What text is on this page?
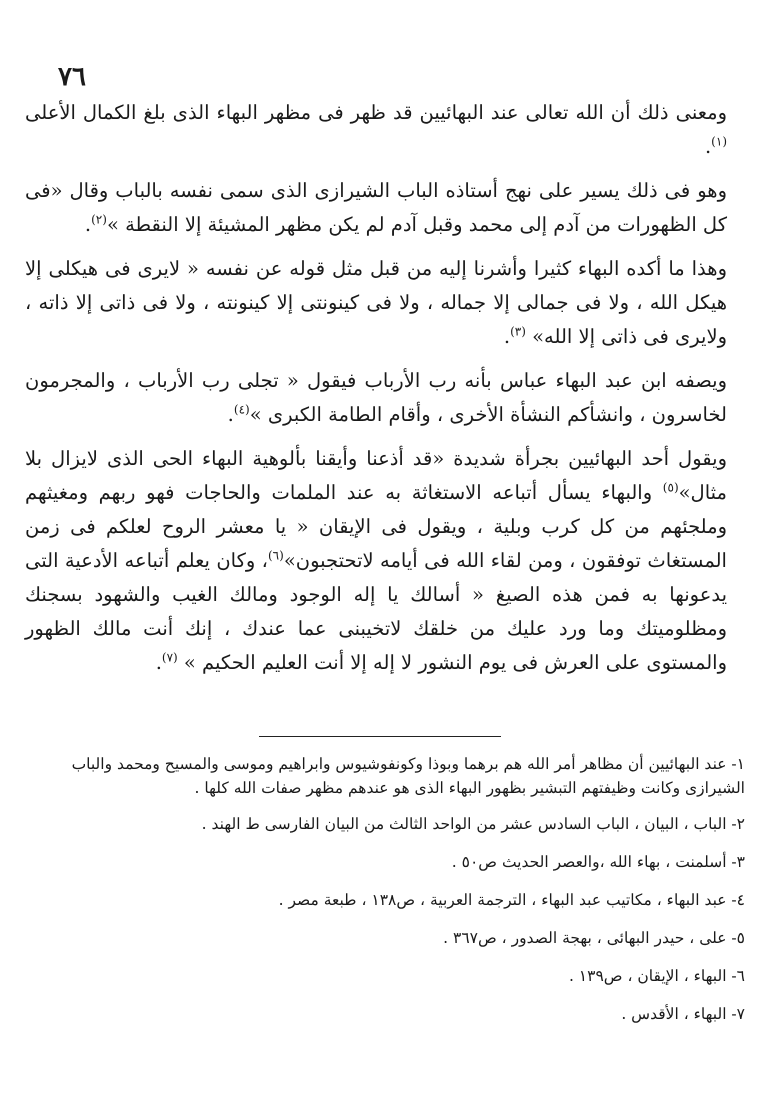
٧٦

ومعنى ذلك أن الله تعالى عند البهائيين قد ظهر فى مظهر البهاء الذى بلغ الكمال الأعلى $^{(١)}$.

وهو فى ذلك يسير على نهج أستاذه الباب الشيرازى الذى سمى نفسه بالباب وقال «فى كل الظهورات من آدم إلى محمد وقبل آدم لم يكن مظهر المشيئة إلا النقطة »$^{(٢)}$.

وهذا ما أكده البهاء كثيرا وأشرنا إليه من قبل مثل قوله عن نفسه « لايرى فى هيكلى إلا هيكل الله ، ولا فى جمالى إلا جماله ، ولا فى كينونتى إلا كينونته ، ولا فى ذاتى إلا ذاته ، ولايرى فى ذاتى إلا الله» $^{(٣)}$.

ويصفه ابن عبد البهاء عباس بأنه رب الأرباب فيقول « تجلى رب الأرباب ، والمجرمون لخاسرون ، وانشأكم النشأة الأخرى ، وأقام الطامة الكبرى »$^{(٤)}$.

ويقول أحد البهائيين بجرأة شديدة «قد أذعنا وأيقنا بألوهية البهاء الحى الذى لايزال بلا مثال»$^{(٥)}$ والبهاء يسأل أتباعه الاستغاثة به عند الملمات والحاجات فهو ربهم ومغيثهم وملجئهم من كل كرب وبلية ، ويقول فى الإيقان « يا معشر الروح لعلكم فى زمن المستغاث توفقون ، ومن لقاء الله فى أيامه لاتحتجبون»$^{(٦)}$، وكان يعلم أتباعه الأدعية التى يدعونها به فمن هذه الصيغ « أسالك يا إله الوجود ومالك الغيب والشهود بسجنك ومظلوميتك وما ورد عليك من خلقك لاتخيبنى عما عندك ، إنك أنت مالك الظهور والمستوى على العرش فى يوم النشور لا إله إلا أنت العليم الحكيم » $^{(٧)}$.

١- عند البهائيين أن مظاهر أمر الله هم برهما وبوذا وكونفوشيوس وابراهيم وموسى والمسيح ومحمد والباب الشيرازى وكانت وظيفتهم التبشير بظهور البهاء الذى هو عندهم مظهر صفات الله كلها .
٢- الباب ، البيان ، الباب السادس عشر من الواحد الثالث من البيان الفارسى ط الهند .
٣- أسلمنت ، بهاء الله ،والعصر الحديث ص٥٠ .
٤- عبد البهاء ، مكاتيب عبد البهاء ، الترجمة العربية ، ص١٣٨ ، طبعة مصر .
٥- على ، حيدر البهائى ، بهجة الصدور ، ص٣٦٧ .
٦- البهاء ، الإيقان ، ص١٣٩ .
٧- البهاء ، الأقدس .
